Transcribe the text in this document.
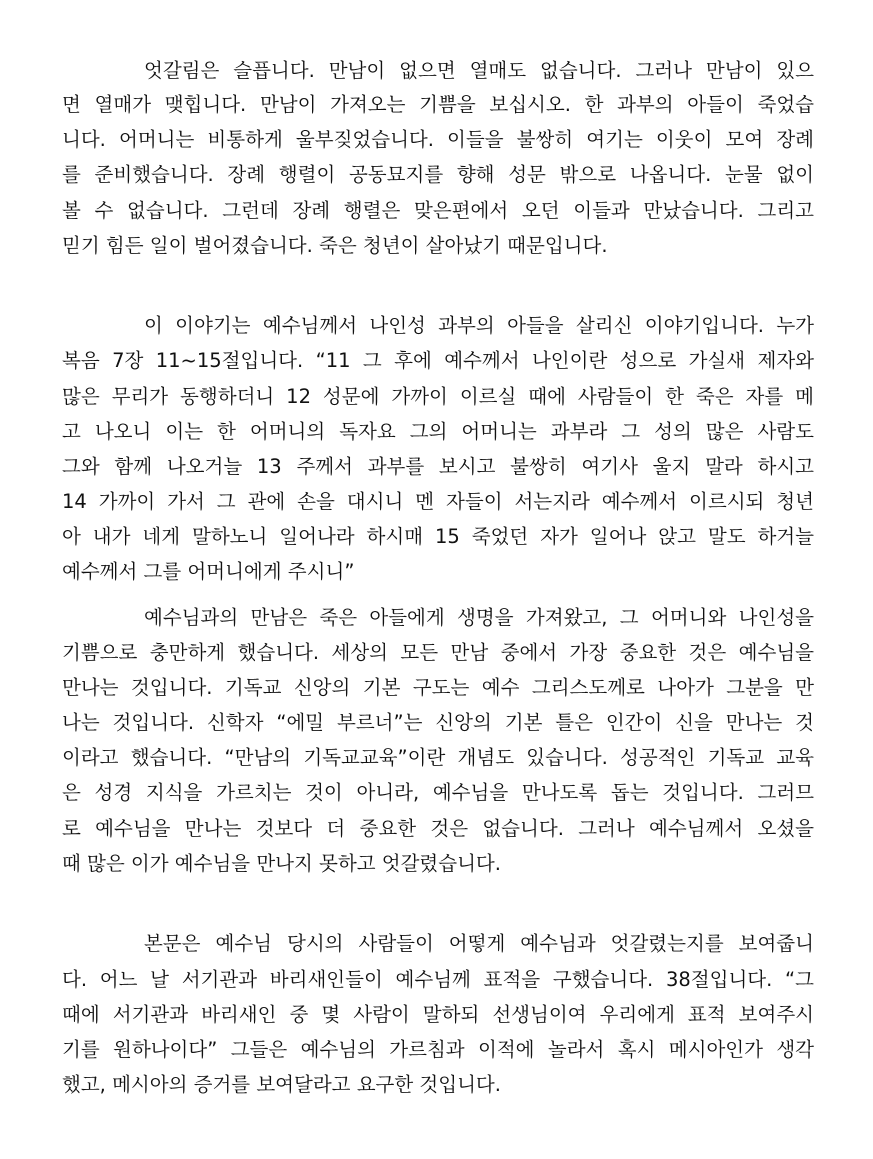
엇갈림은 슬픕니다. 만남이 없으면 열매도 없습니다. 그러나 만남이 있으
면 열매가 맺힙니다. 만남이 가져오는 기쁨을 보십시오. 한 과부의 아들이 죽었습
니다. 어머니는 비통하게 울부짖었습니다. 이들을 불쌍히 여기는 이웃이 모여 장례
를 준비했습니다. 장례 행렬이 공동묘지를 향해 성문 밖으로 나옵니다. 눈물 없이
볼 수 없습니다. 그런데 장례 행렬은 맞은편에서 오던 이들과 만났습니다. 그리고
믿기 힘든 일이 벌어졌습니다. 죽은 청년이 살아났기 때문입니다.
이 이야기는 예수님께서 나인성 과부의 아들을 살리신 이야기입니다. 누가
복음 7장 11~15절입니다. “11 그 후에 예수께서 나인이란 성으로 가실새 제자와
많은 무리가 동행하더니 12 성문에 가까이 이르실 때에 사람들이 한 죽은 자를 메
고 나오니 이는 한 어머니의 독자요 그의 어머니는 과부라 그 성의 많은 사람도
그와 함께 나오거늘 13 주께서 과부를 보시고 불쌍히 여기사 울지 말라 하시고
14 가까이 가서 그 관에 손을 대시니 멘 자들이 서는지라 예수께서 이르시되 청년
아 내가 네게 말하노니 일어나라 하시매 15 죽었던 자가 일어나 앉고 말도 하거늘
예수께서 그를 어머니에게 주시니”
예수님과의 만남은 죽은 아들에게 생명을 가져왔고, 그 어머니와 나인성을
기쁨으로 충만하게 했습니다. 세상의 모든 만남 중에서 가장 중요한 것은 예수님을
만나는 것입니다. 기독교 신앙의 기본 구도는 예수 그리스도께로 나아가 그분을 만
나는 것입니다. 신학자 “에밀 부르너”는 신앙의 기본 틀은 인간이 신을 만나는 것
이라고 했습니다. “만남의 기독교교육”이란 개념도 있습니다. 성공적인 기독교 교육
은 성경 지식을 가르치는 것이 아니라, 예수님을 만나도록 돕는 것입니다. 그러므
로 예수님을 만나는 것보다 더 중요한 것은 없습니다. 그러나 예수님께서 오셨을
때 많은 이가 예수님을 만나지 못하고 엇갈렸습니다.
본문은 예수님 당시의 사람들이 어떻게 예수님과 엇갈렸는지를 보여줍니
다. 어느 날 서기관과 바리새인들이 예수님께 표적을 구했습니다. 38절입니다. “그
때에 서기관과 바리새인 중 몇 사람이 말하되 선생님이여 우리에게 표적 보여주시
기를 원하나이다” 그들은 예수님의 가르침과 이적에 놀라서 혹시 메시아인가 생각
했고, 메시아의 증거를 보여달라고 요구한 것입니다.
